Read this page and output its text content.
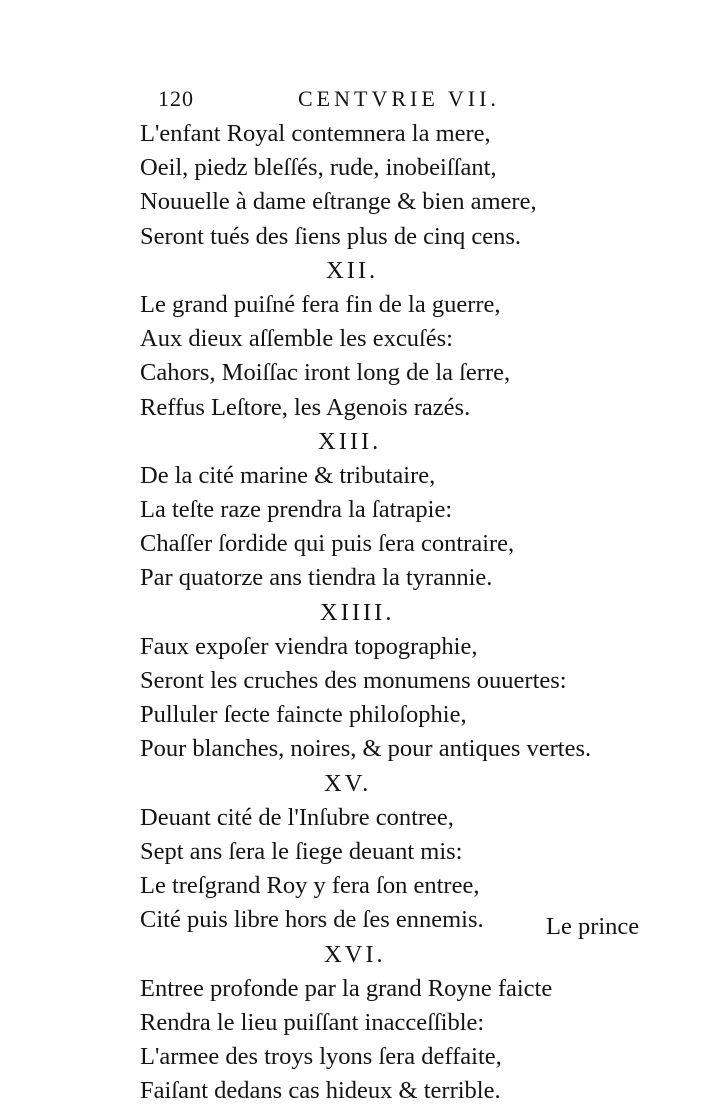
120	CENTVRIE VII.
L'enfant Royal contemnera la mere,
Oeil, piedz bleſſés, rude, inobeiſſant,
Nouuelle à dame eſtrange & bien amere,
Seront tués des ſiens plus de cinq cens.
XII.
Le grand puiſné fera fin de la guerre,
Aux dieux aſſemble les excuſés:
Cahors, Moiſſac iront long de la ſerre,
Reffus Leſtore, les Agenois razés.
XIII.
De la cité marine & tributaire,
La teſte raze prendra la ſatrapie:
Chaſſer ſordide qui puis ſera contraire,
Par quatorze ans tiendra la tyrannie.
XIIII.
Faux expoſer viendra topographie,
Seront les cruches des monumens ouuertes:
Pulluler ſecte faincte philoſophie,
Pour blanches, noires, & pour antiques vertes.
XV.
Deuant cité de l'Inſubre contree,
Sept ans ſera le ſiege deuant mis:
Le treſgrand Roy y fera ſon entree,
Cité puis libre hors de ſes ennemis.
XVI.
Entree profonde par la grand Royne faicte
Rendra le lieu puiſſant inacceſſible:
L'armee des troys lyons ſera deffaite,
Faiſant dedans cas hideux & terrible.
Le prince
